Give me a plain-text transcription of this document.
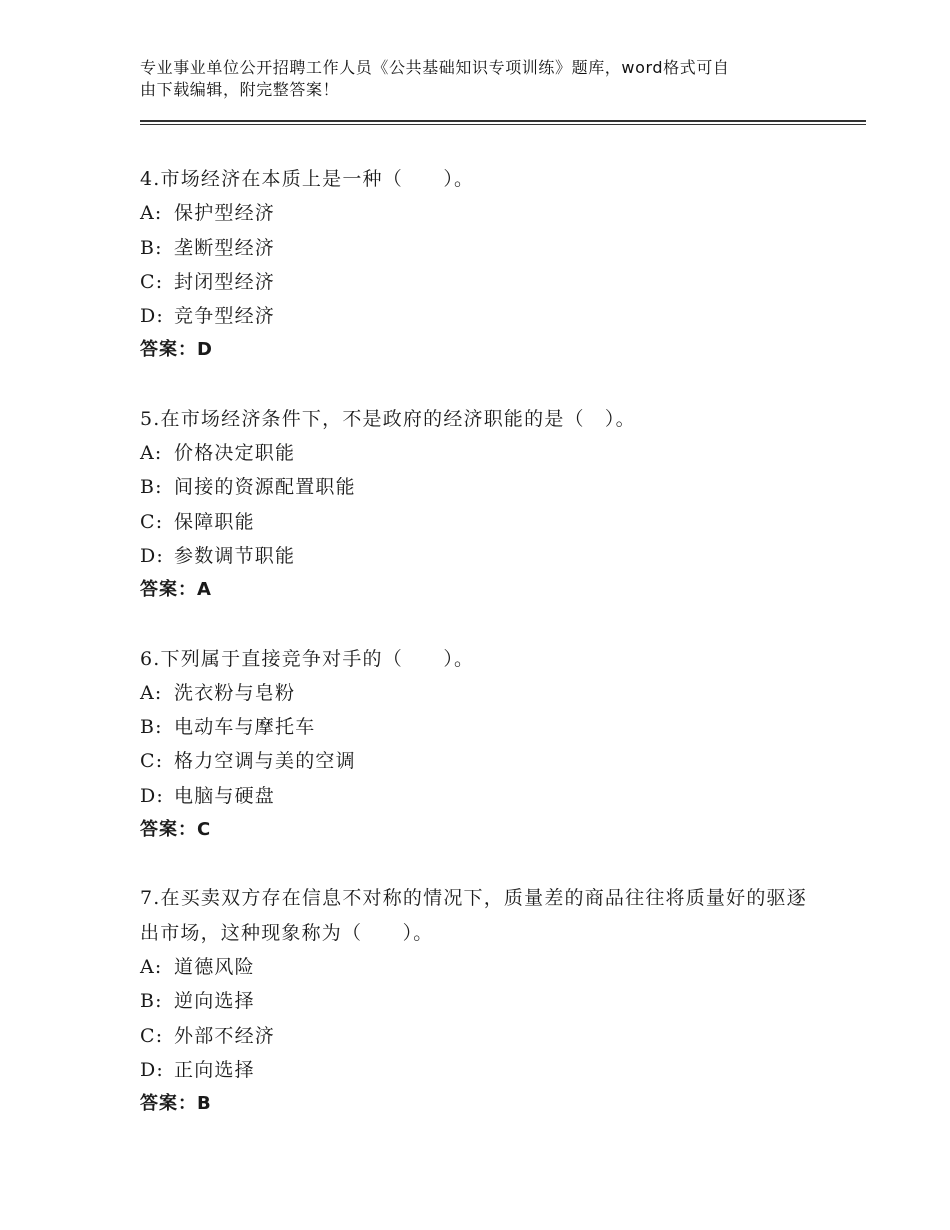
专业事业单位公开招聘工作人员《公共基础知识专项训练》题库，word格式可自
由下载编辑，附完整答案！
4.市场经济在本质上是一种（　　）。
A: 保护型经济
B: 垄断型经济
C: 封闭型经济
D: 竞争型经济
答案：D
5.在市场经济条件下，不是政府的经济职能的是（　）。
A: 价格决定职能
B: 间接的资源配置职能
C: 保障职能
D: 参数调节职能
答案：A
6.下列属于直接竞争对手的（　　）。
A: 洗衣粉与皂粉
B: 电动车与摩托车
C: 格力空调与美的空调
D: 电脑与硬盘
答案：C
7.在买卖双方存在信息不对称的情况下，质量差的商品往往将质量好的驱逐出市场，这种现象称为（　　）。
A: 道德风险
B: 逆向选择
C: 外部不经济
D: 正向选择
答案：B
